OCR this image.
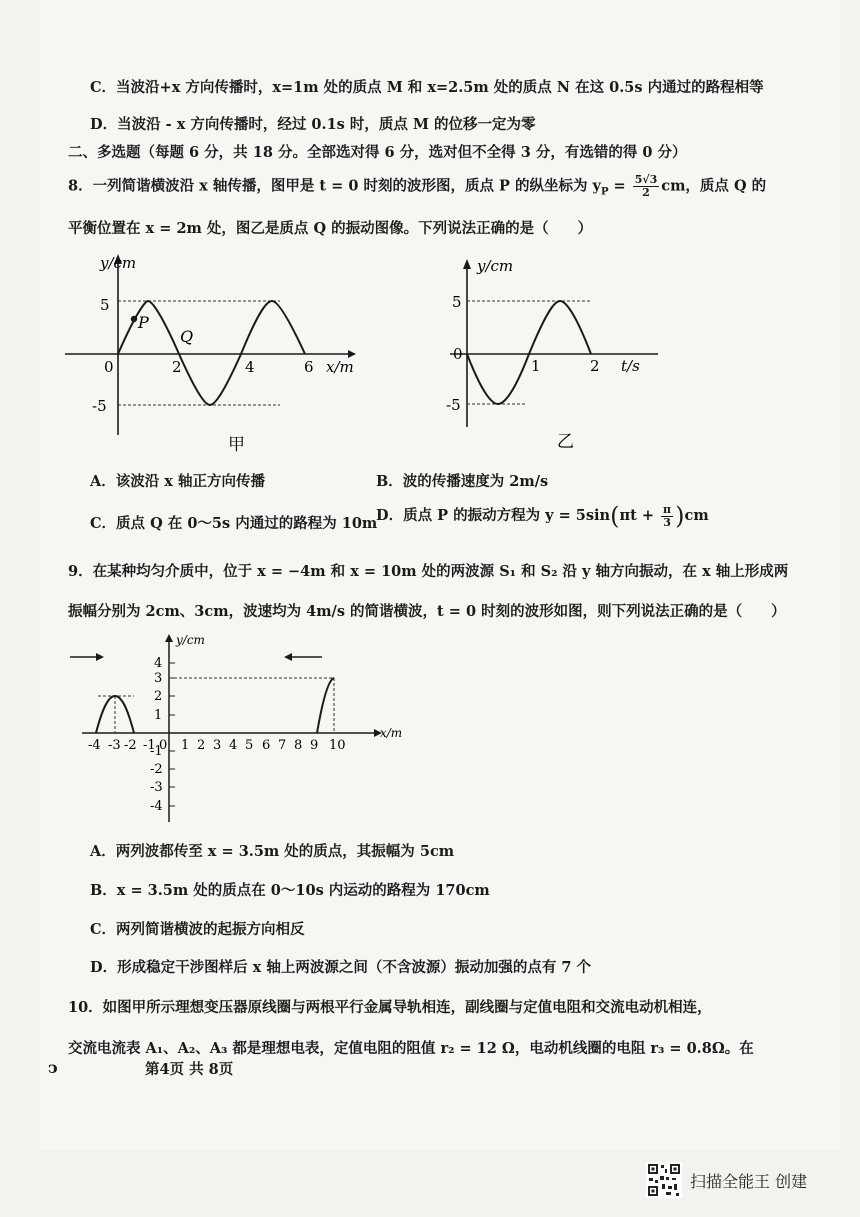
C．当波沿+x 方向传播时，x=1m 处的质点 M 和 x=2.5m 处的质点 N 在这 0.5s 内通过的路程相等
D．当波沿 - x 方向传播时，经过 0.1s 时，质点 M 的位移一定为零
二、多选题（每题 6 分，共 18 分。全部选对得 6 分，选对但不全得 3 分，有选错的得 0 分）
8．一列简谐横波沿 x 轴传播，图甲是 t = 0 时刻的波形图，质点 P 的纵坐标为 $y_P = \frac{5√3}{2}$ cm，质点 Q 的
平衡位置在 x = 2m 处，图乙是质点 Q 的振动图像。下列说法正确的是（　　）
P
Q
y/cm
5
-5
0	2	4	6 x/m
甲
y/cm
5
-5
0
1	2 t/s
乙
A．该波沿 x 轴正方向传播	B．波的传播速度为 2m/s
C．质点 Q 在 0～5s 内通过的路程为 10m
D．质点 P 的振动方程为 $y = 5\sin(\pi t + \frac{\pi}{3} )cm$
9．在某种均匀介质中，位于 x = −4m 和 x = 10m 处的两波源 S₁ 和 S₂ 沿 y 轴方向振动，在 x 轴上形成两
振幅分别为 2cm、3cm，波速均为 4m/s 的简谐横波，t = 0 时刻的波形如图，则下列说法正确的是（　　）
y/cm
4
3
2
1
-1
-2
-3
-4
-4 -3 -2 -1 0 1 2 3 4 5 6 7 8 9 10
x/m
A．两列波都传至 x = 3.5m 处的质点，其振幅为 5cm
B．x = 3.5m 处的质点在 0～10s 内运动的路程为 170cm
C．两列简谐横波的起振方向相反
D．形成稳定干涉图样后 x 轴上两波源之间（不含波源）振动加强的点有 7 个
10．如图甲所示理想变压器原线圈与两根平行金属导轨相连，副线圈与定值电阻和交流电动机相连，
交流电流表 A₁、A₂、A₃ 都是理想电表，定值电阻的阻值 r₂ = 12 Ω，电动机线圈的电阻 r₃ = 0.8Ω。在
ↄ	第4页 共 8页
扫描全能王 创建
